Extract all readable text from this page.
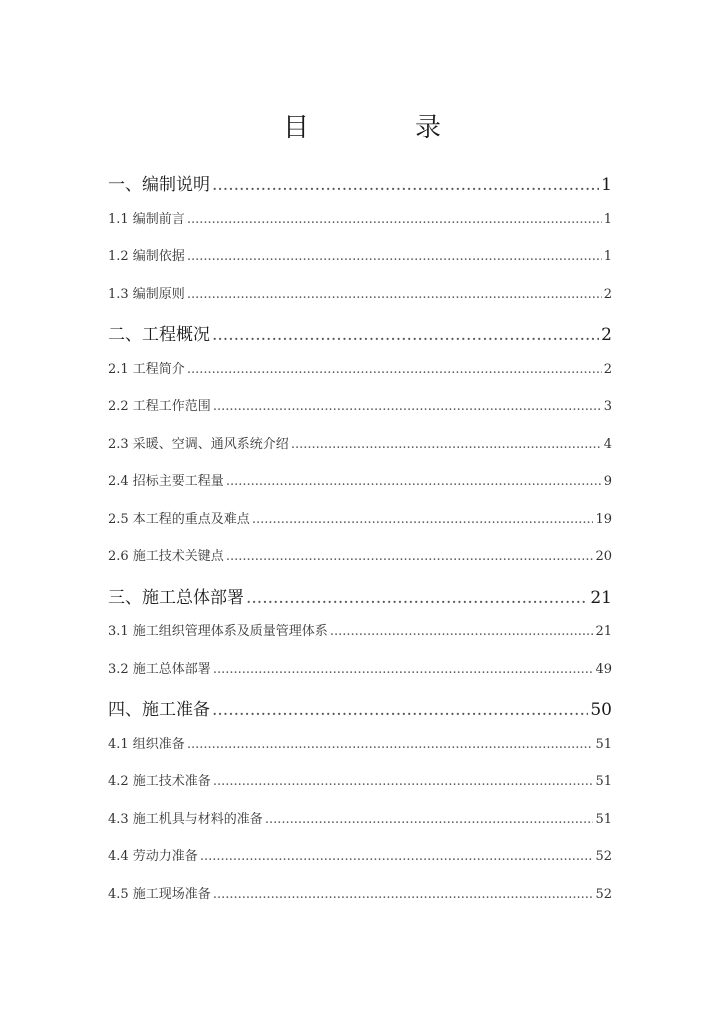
目　录
一、编制说明 .....	1
1.1 编制前言 .....	1
1.2 编制依据 .....	1
1.3 编制原则 .....	2
二、工程概况 .....	2
2.1 工程简介 .....	2
2.2 工程工作范围 .....	3
2.3 采暖、空调、通风系统介绍 .....	4
2.4 招标主要工程量 .....	9
2.5 本工程的重点及难点 .....	19
2.6 施工技术关键点 .....	20
三、施工总体部署 .....	21
3.1 施工组织管理体系及质量管理体系 .....	21
3.2 施工总体部署 .....	49
四、施工准备 .....	50
4.1 组织准备 .....	51
4.2 施工技术准备 .....	51
4.3 施工机具与材料的准备 .....	51
4.4 劳动力准备 .....	52
4.5 施工现场准备 .....	52
